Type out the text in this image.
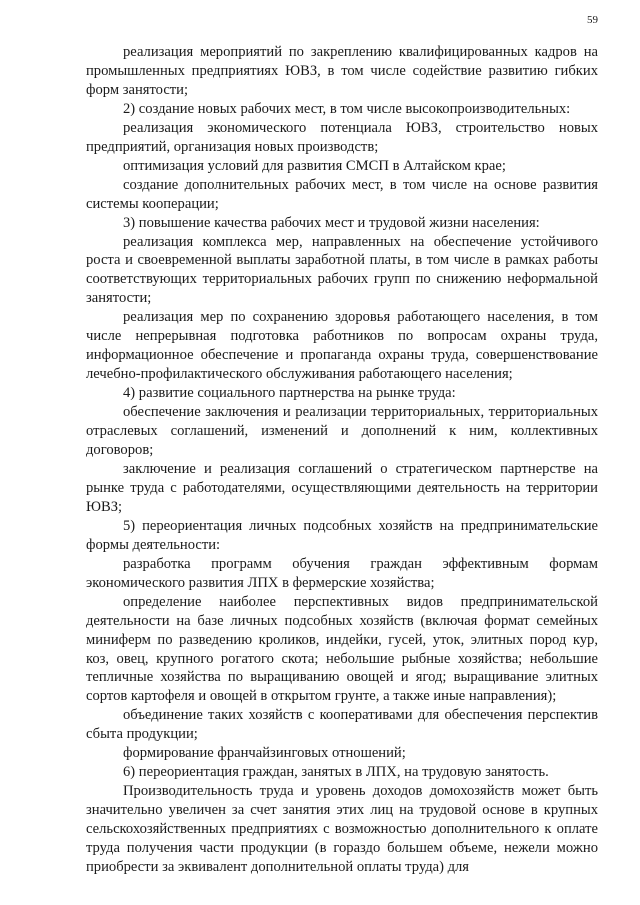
59

реализация мероприятий по закреплению квалифицированных кадров на промышленных предприятиях ЮВЗ, в том числе содействие развитию гибких форм занятости;

2) создание новых рабочих мест, в том числе высокопроизводительных:

реализация экономического потенциала ЮВЗ, строительство новых предприятий, организация новых производств;

оптимизация условий для развития СМСП в Алтайском крае;

создание дополнительных рабочих мест, в том числе на основе развития системы кооперации;

3) повышение качества рабочих мест и трудовой жизни населения:

реализация комплекса мер, направленных на обеспечение устойчивого роста и своевременной выплаты заработной платы, в том числе в рамках работы соответствующих территориальных рабочих групп по снижению неформальной занятости;

реализация мер по сохранению здоровья работающего населения, в том числе непрерывная подготовка работников по вопросам охраны труда, информационное обеспечение и пропаганда охраны труда, совершенствование лечебно-профилактического обслуживания работающего населения;

4) развитие социального партнерства на рынке труда:

обеспечение заключения и реализации территориальных, территориальных отраслевых соглашений, изменений и дополнений к ним, коллективных договоров;

заключение и реализация соглашений о стратегическом партнерстве на рынке труда с работодателями, осуществляющими деятельность на территории ЮВЗ;

5) переориентация личных подсобных хозяйств на предпринимательские формы деятельности:

разработка программ обучения граждан эффективным формам экономического развития ЛПХ в фермерские хозяйства;

определение наиболее перспективных видов предпринимательской деятельности на базе личных подсобных хозяйств (включая формат семейных миниферм по разведению кроликов, индейки, гусей, уток, элитных пород кур, коз, овец, крупного рогатого скота; небольшие рыбные хозяйства; небольшие тепличные хозяйства по выращиванию овощей и ягод; выращивание элитных сортов картофеля и овощей в открытом грунте, а также иные направления);

объединение таких хозяйств с кооперативами для обеспечения перспектив сбыта продукции;

формирование франчайзинговых отношений;

6) переориентация граждан, занятых в ЛПХ, на трудовую занятость.

Производительность труда и уровень доходов домохозяйств может быть значительно увеличен за счет занятия этих лиц на трудовой основе в крупных сельскохозяйственных предприятиях с возможностью дополнительного к оплате труда получения части продукции (в гораздо большем объеме, нежели можно приобрести за эквивалент дополнительной оплаты труда) для
